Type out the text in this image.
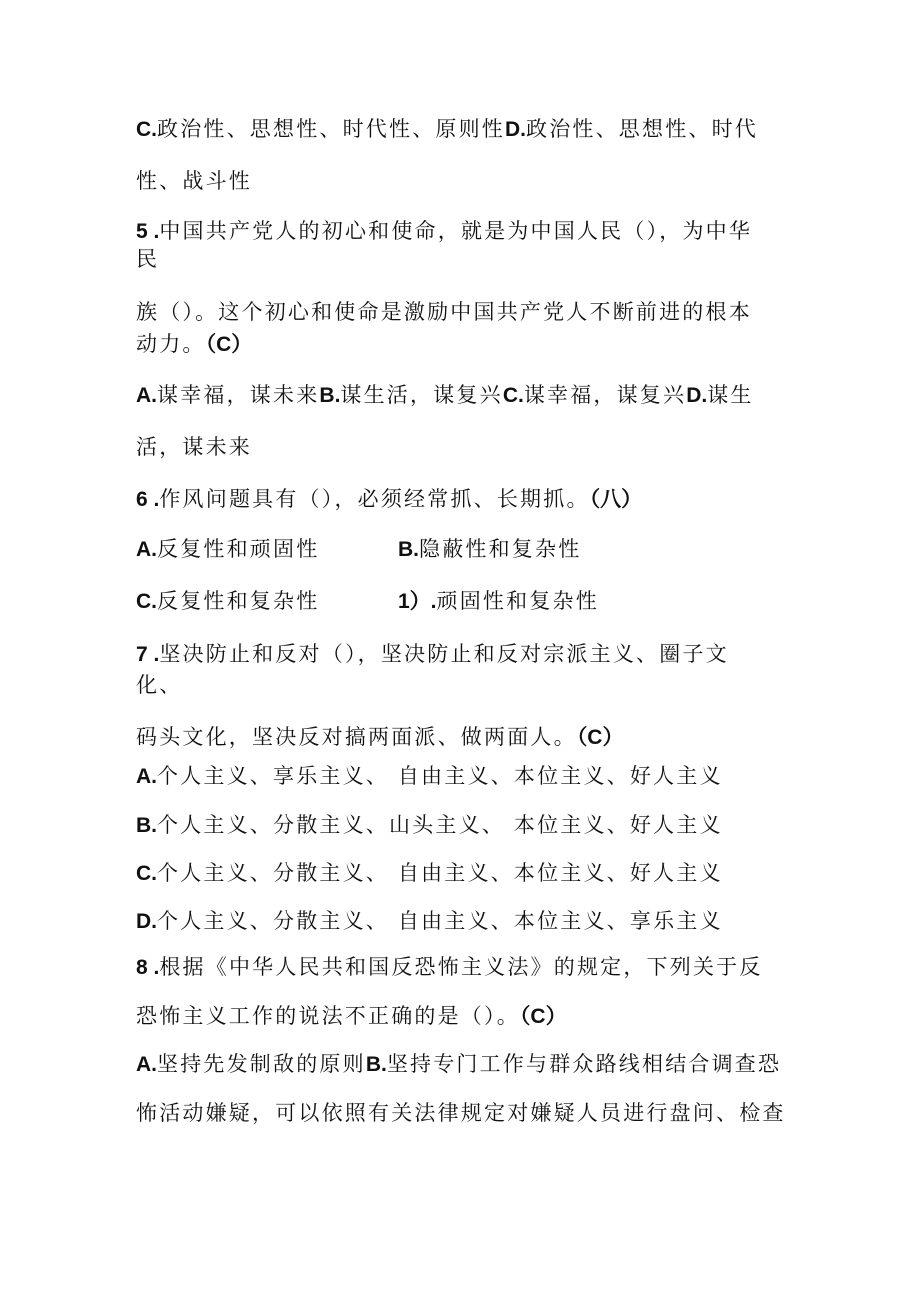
C.政治性、思想性、时代性、原则性D.政治性、思想性、时代
性、战斗性
5 .中国共产党人的初心和使命，就是为中国人民（），为中华
民
族（）。这个初心和使命是激励中国共产党人不断前进的根本
动力。（C）
A.谋幸福，谋未来B.谋生活，谋复兴C.谋幸福，谋复兴D.谋生
活，谋未来
6 .作风问题具有（），必须经常抓、长期抓。（八）
A.反复性和顽固性	B.隐蔽性和复杂性
C.反复性和复杂性	1）.顽固性和复杂性
7 .坚决防止和反对（），坚决防止和反对宗派主义、圈子文
化、
码头文化，坚决反对搞两面派、做两面人。（C）
A.个人主义、享乐主义、 自由主义、本位主义、好人主义
B.个人主义、分散主义、山头主义、 本位主义、好人主义
C.个人主义、分散主义、 自由主义、本位主义、好人主义
D.个人主义、分散主义、 自由主义、本位主义、享乐主义
8 .根据《中华人民共和国反恐怖主义法》的规定，下列关于反
恐怖主义工作的说法不正确的是（）。（C）
A.坚持先发制敌的原则B.坚持专门工作与群众路线相结合调查恐
怖活动嫌疑，可以依照有关法律规定对嫌疑人员进行盘问、检查
